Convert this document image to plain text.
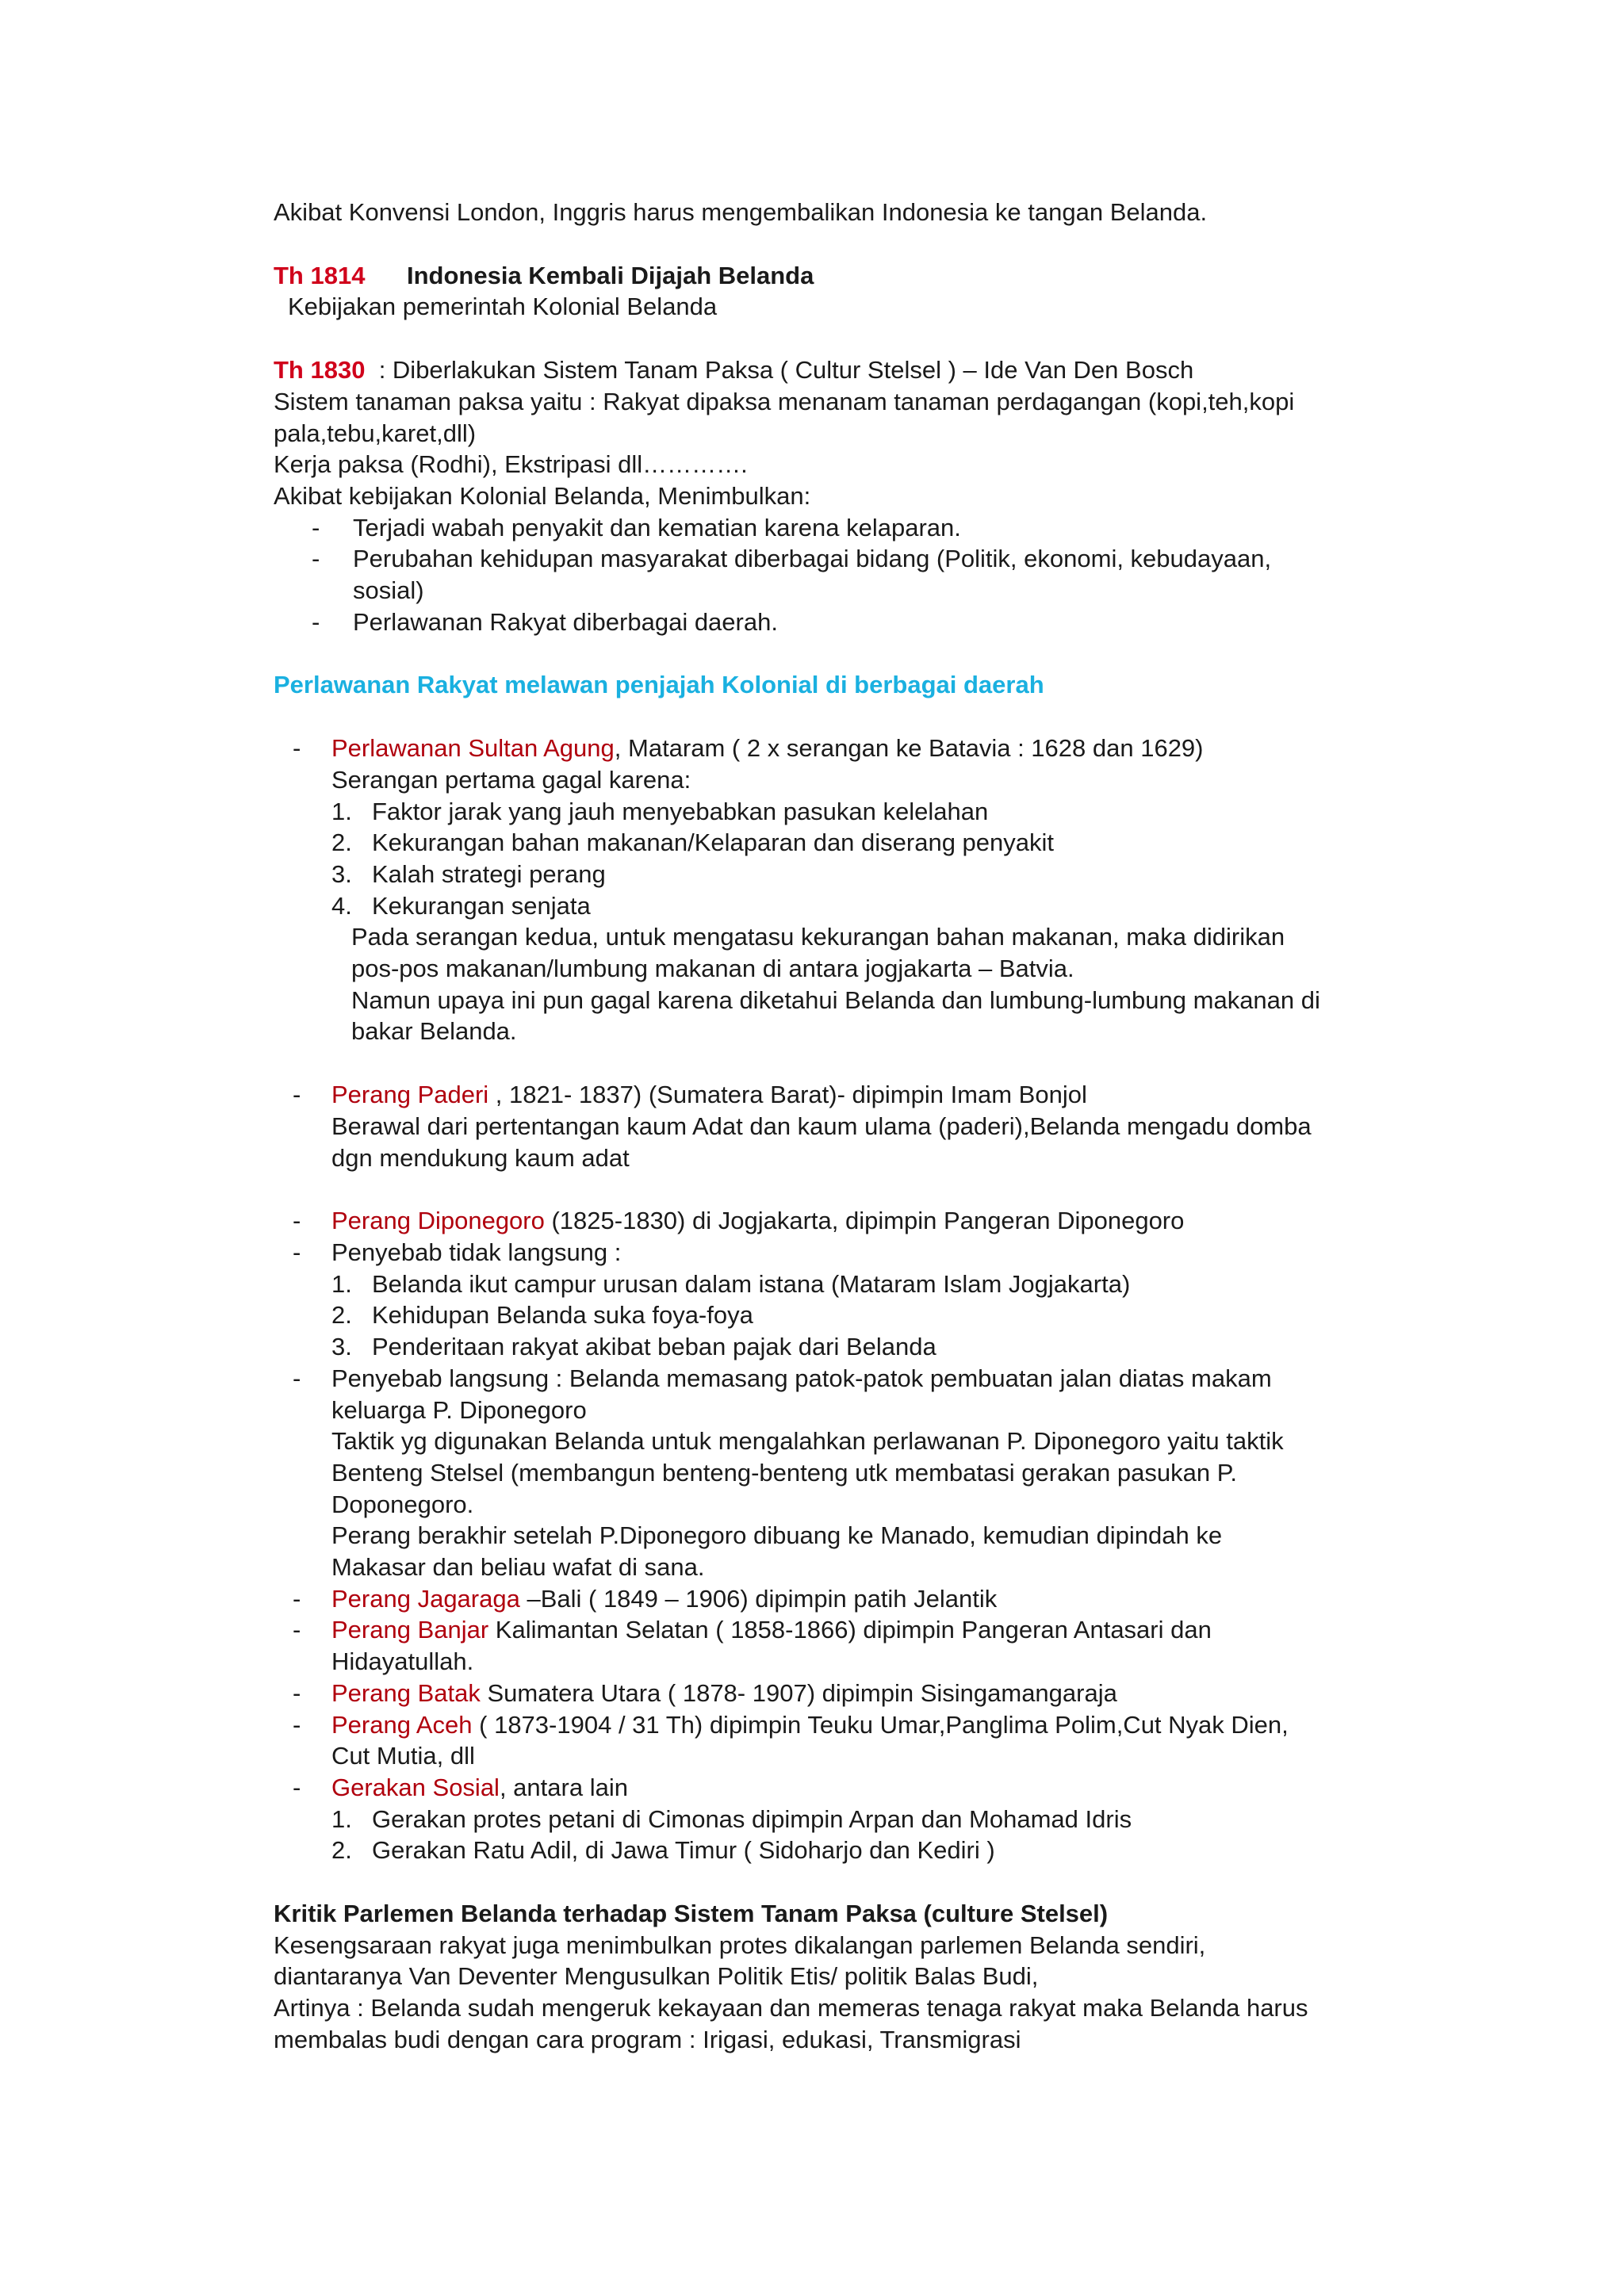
Akibat Konvensi London, Inggris harus mengembalikan Indonesia ke tangan Belanda.

Th 1814 Indonesia Kembali Dijajah Belanda

Kebijakan pemerintah Kolonial Belanda

Th 1830 : Diberlakukan Sistem Tanam Paksa ( Cultur Stelsel ) – Ide Van Den Bosch

Sistem tanaman paksa yaitu : Rakyat dipaksa menanam tanaman perdagangan (kopi,teh,kopi

pala,tebu,karet,dll)

Kerja paksa (Rodhi), Ekstripasi dll………….

Akibat kebijakan Kolonial Belanda, Menimbulkan:

- Terjadi wabah penyakit dan kematian karena kelaparan.

- Perubahan kehidupan masyarakat diberbagai bidang (Politik, ekonomi, kebudayaan,

sosial)

- Perlawanan Rakyat diberbagai daerah.

Perlawanan Rakyat melawan penjajah Kolonial di berbagai daerah

- Perlawanan Sultan Agung, Mataram ( 2 x serangan ke Batavia : 1628 dan 1629)

Serangan pertama gagal karena:

1. Faktor jarak yang jauh menyebabkan pasukan kelelahan

2. Kekurangan bahan makanan/Kelaparan dan diserang penyakit

3. Kalah strategi perang

4. Kekurangan senjata

Pada serangan kedua, untuk mengatasu kekurangan bahan makanan, maka didirikan

pos-pos makanan/lumbung makanan di antara jogjakarta – Batvia.

Namun upaya ini pun gagal karena diketahui Belanda dan lumbung-lumbung makanan di

bakar Belanda.

- Perang Paderi , 1821- 1837) (Sumatera Barat)- dipimpin Imam Bonjol

Berawal dari pertentangan kaum Adat dan kaum ulama (paderi),Belanda mengadu domba

dgn mendukung kaum adat

- Perang Diponegoro (1825-1830) di Jogjakarta, dipimpin Pangeran Diponegoro

- Penyebab tidak langsung :

1. Belanda ikut campur urusan dalam istana (Mataram Islam Jogjakarta)

2. Kehidupan Belanda suka foya-foya

3. Penderitaan rakyat akibat beban pajak dari Belanda

- Penyebab langsung : Belanda memasang patok-patok pembuatan jalan diatas makam

keluarga P. Diponegoro

Taktik yg digunakan Belanda untuk mengalahkan perlawanan P. Diponegoro yaitu taktik

Benteng Stelsel (membangun benteng-benteng utk membatasi gerakan pasukan P.

Doponegoro.

Perang berakhir setelah P.Diponegoro dibuang ke Manado, kemudian dipindah ke

Makasar dan beliau wafat di sana.

- Perang Jagaraga –Bali ( 1849 – 1906) dipimpin patih Jelantik

- Perang Banjar Kalimantan Selatan ( 1858-1866) dipimpin Pangeran Antasari dan

Hidayatullah.

- Perang Batak Sumatera Utara ( 1878- 1907) dipimpin Sisingamangaraja

- Perang Aceh ( 1873-1904 / 31 Th) dipimpin Teuku Umar,Panglima Polim,Cut Nyak Dien,

Cut Mutia, dll

- Gerakan Sosial, antara lain

1. Gerakan protes petani di Cimonas dipimpin Arpan dan Mohamad Idris

2. Gerakan Ratu Adil, di Jawa Timur ( Sidoharjo dan Kediri )

Kritik Parlemen Belanda terhadap Sistem Tanam Paksa (culture Stelsel)

Kesengsaraan rakyat juga menimbulkan protes dikalangan parlemen Belanda sendiri,

diantaranya Van Deventer Mengusulkan Politik Etis/ politik Balas Budi,

Artinya : Belanda sudah mengeruk kekayaan dan memeras tenaga rakyat maka Belanda harus

membalas budi dengan cara program : Irigasi, edukasi, Transmigrasi
